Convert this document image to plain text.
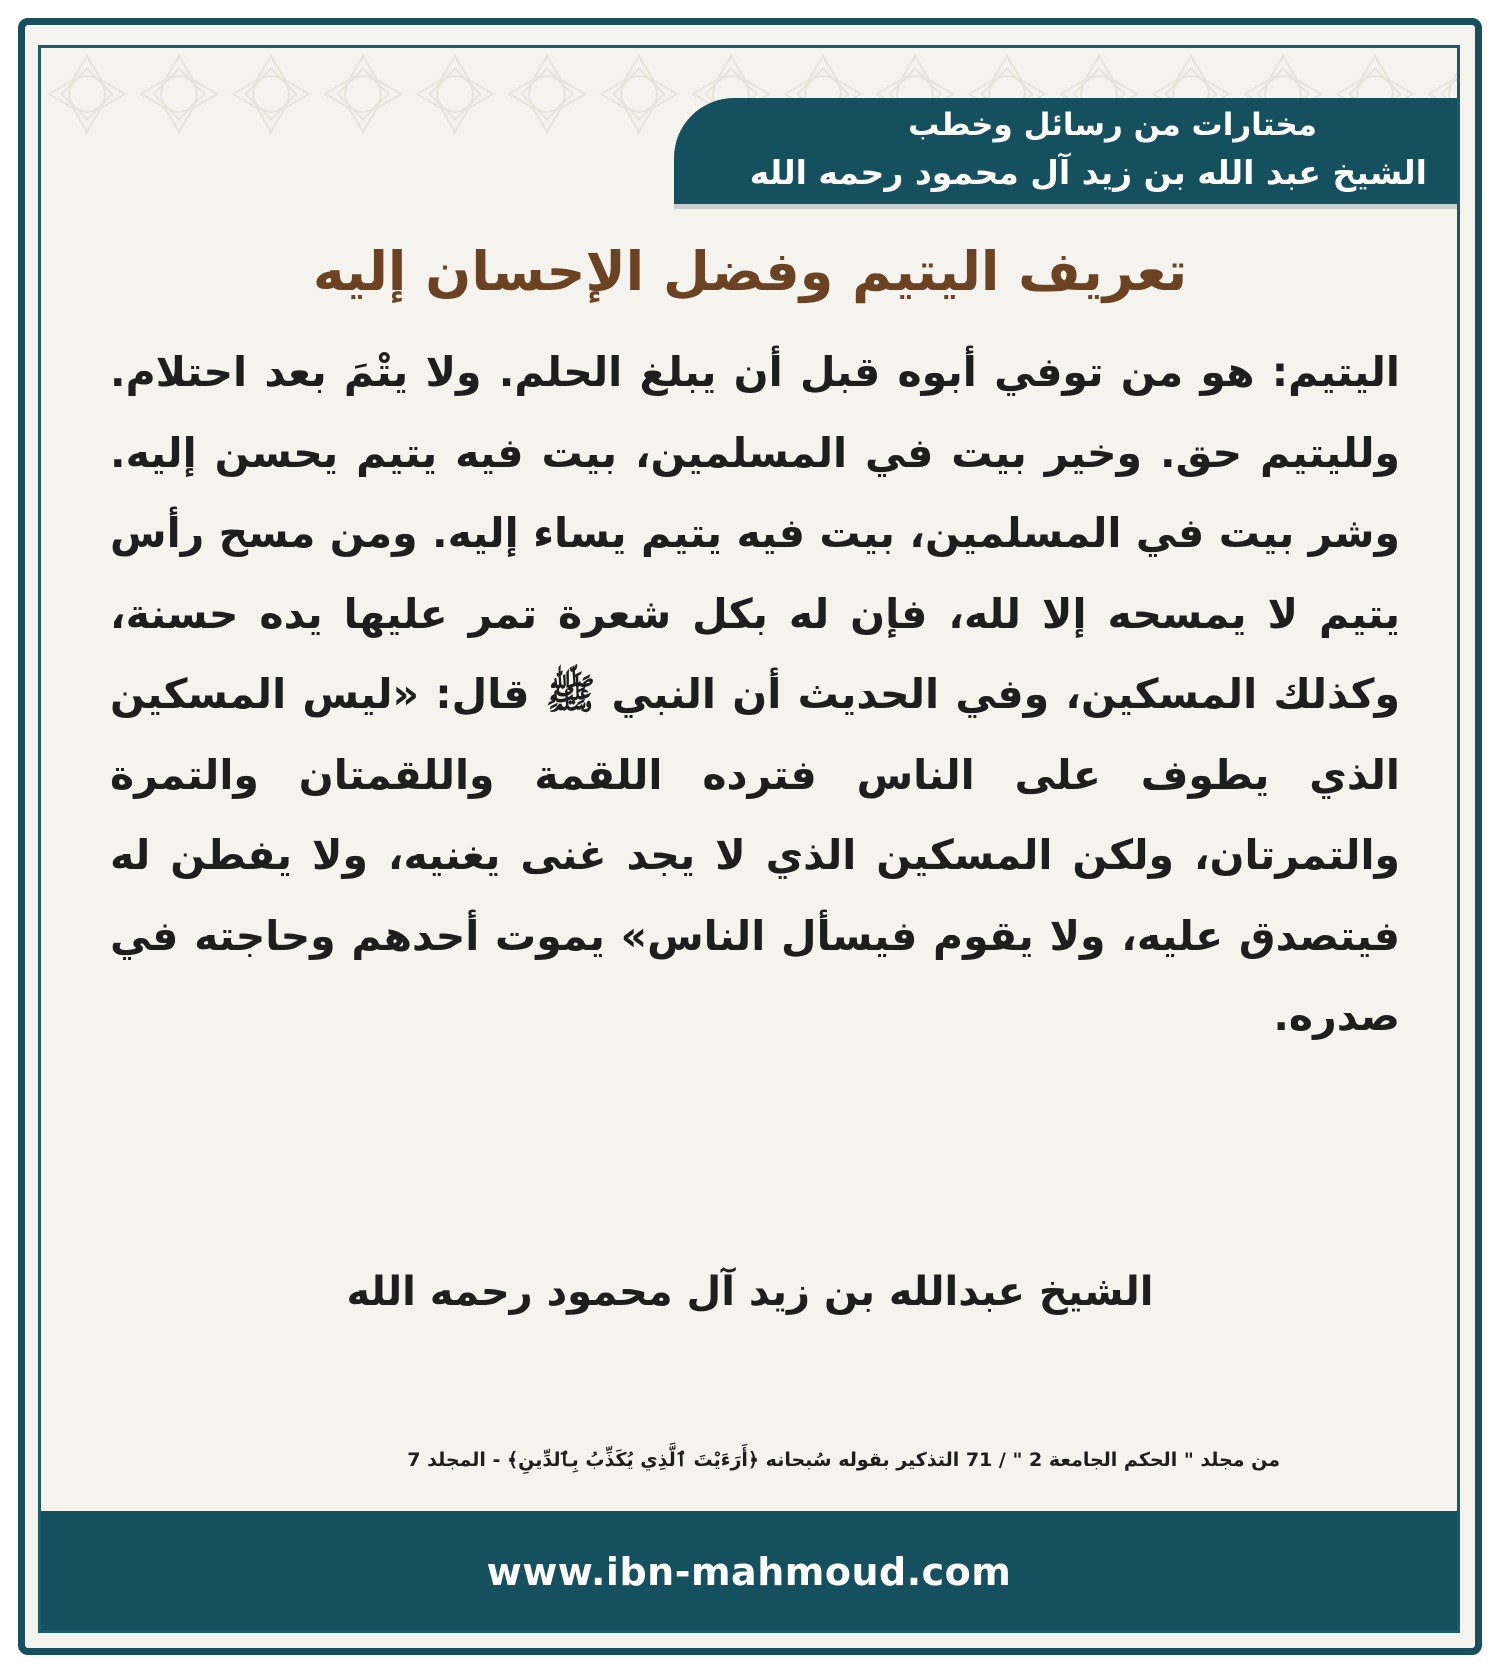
مختارات من رسائل وخطب
الشيخ عبد الله بن زيد آل محمود رحمه الله
تعريف اليتيم وفضل الإحسان إليه
اليتيم: هو من توفي أبوه قبل أن يبلغ الحلم. ولا يتْمَ بعد احتلام. ولليتيم حق. وخير بيت في المسلمين، بيت فيه يتيم يحسن إليه. وشر بيت في المسلمين، بيت فيه يتيم يساء إليه. ومن مسح رأس يتيم لا يمسحه إلا لله، فإن له بكل شعرة تمر عليها يده حسنة، وكذلك المسكين، وفي الحديث أن النبي ﷺ قال: «ليس المسكين الذي يطوف على الناس فترده اللقمة واللقمتان والتمرة والتمرتان، ولكن المسكين الذي لا يجد غنى يغنيه، ولا يفطن له فيتصدق عليه، ولا يقوم فيسأل الناس» يموت أحدهم وحاجته في صدره.
الشيخ عبدالله بن زيد آل محمود رحمه الله
من مجلد " الحكم الجامعة 2 " / 71 التذكير بقوله سُبحانه ﴿أَرَءَيْتَ ٱلَّذِي يُكَذِّبُ بِٱلدِّينِ﴾ - المجلد 7
www.ibn-mahmoud.com
